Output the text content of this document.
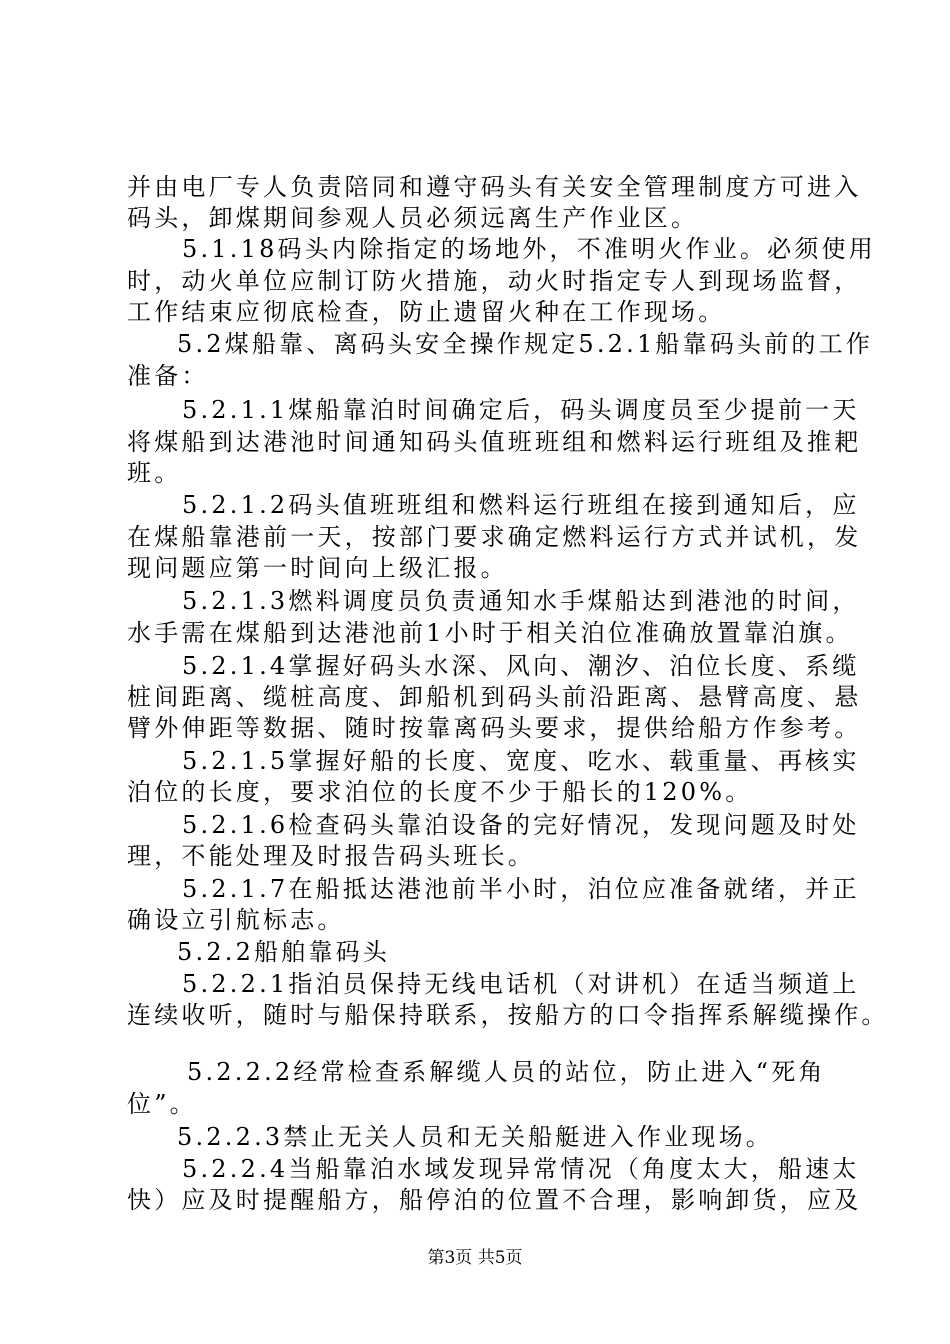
并由电厂专人负责陪同和遵守码头有关安全管理制度方可进入
码头，卸煤期间参观人员必须远离生产作业区。
5.1.18码头内除指定的场地外，不准明火作业。必须使用
时，动火单位应制订防火措施，动火时指定专人到现场监督，
工作结束应彻底检查，防止遗留火种在工作现场。
5.2煤船靠、离码头安全操作规定5.2.1船靠码头前的工作
准备：
5.2.1.1煤船靠泊时间确定后，码头调度员至少提前一天
将煤船到达港池时间通知码头值班班组和燃料运行班组及推耙
班。
5.2.1.2码头值班班组和燃料运行班组在接到通知后，应
在煤船靠港前一天，按部门要求确定燃料运行方式并试机，发
现问题应第一时间向上级汇报。
5.2.1.3燃料调度员负责通知水手煤船达到港池的时间，
水手需在煤船到达港池前1小时于相关泊位准确放置靠泊旗。
5.2.1.4掌握好码头水深、风向、潮汐、泊位长度、系缆
桩间距离、缆桩高度、卸船机到码头前沿距离、悬臂高度、悬
臂外伸距等数据、随时按靠离码头要求，提供给船方作参考。
5.2.1.5掌握好船的长度、宽度、吃水、载重量、再核实
泊位的长度，要求泊位的长度不少于船长的120%。
5.2.1.6检查码头靠泊设备的完好情况，发现问题及时处
理，不能处理及时报告码头班长。
5.2.1.7在船抵达港池前半小时，泊位应准备就绪，并正
确设立引航标志。
5.2.2船舶靠码头
5.2.2.1指泊员保持无线电话机（对讲机）在适当频道上
连续收听，随时与船保持联系，按船方的口令指挥系解缆操作。
5.2.2.2经常检查系解缆人员的站位，防止进入“死角
位”。
5.2.2.3禁止无关人员和无关船艇进入作业现场。
5.2.2.4当船靠泊水域发现异常情况（角度太大，船速太
快）应及时提醒船方，船停泊的位置不合理，影响卸货，应及
第3页 共5页
